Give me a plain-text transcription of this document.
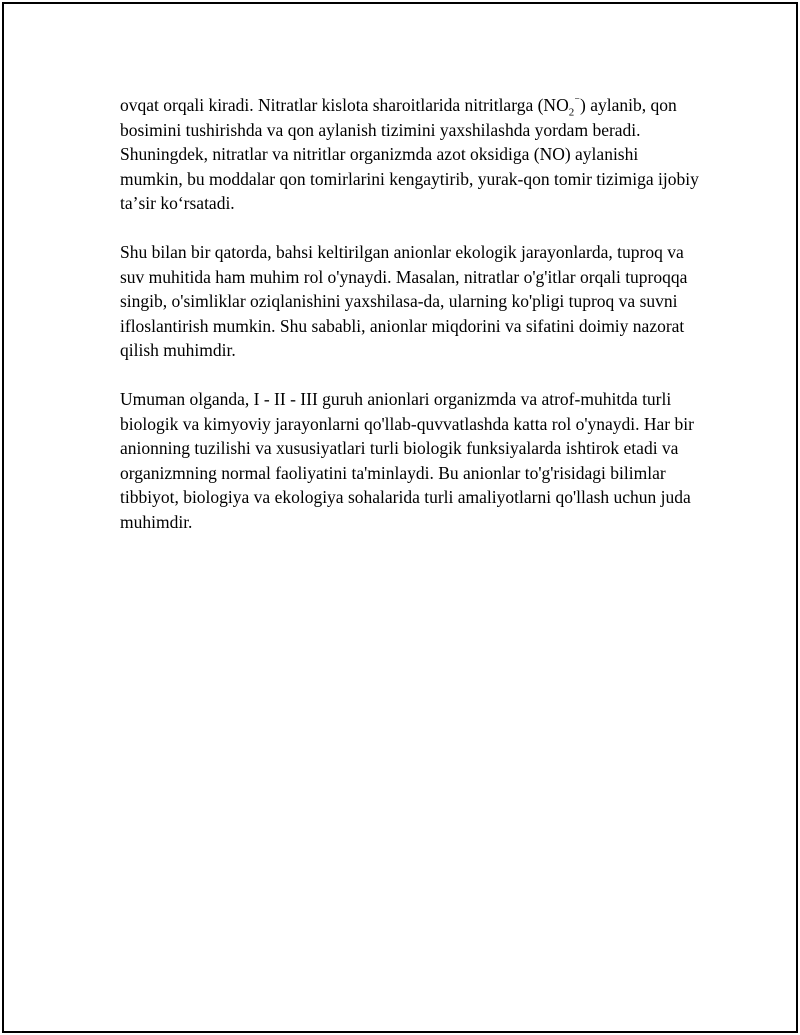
ovqat orqali kiradi. Nitratlar kislota sharoitlarida nitritlarga $(NO_2^{^-})$ aylanib, qon bosimini tushirishda va qon aylanish tizimini yaxshilashda yordam beradi. Shuningdek, nitratlar va nitritlar organizmda azot oksidiga (NO) aylanishi mumkin, bu moddalar qon tomirlarini kengaytirib, yurak-qon tomir tizimiga ijobiy taʼsir koʻrsatadi.

Shu bilan bir qatorda, bahsi keltirilgan anionlar ekologik jarayonlarda, tuproq va suv muhitida ham muhim rol o'ynaydi. Masalan, nitratlar o'g'itlar orqali tuproqqa singib, o'simliklar oziqlanishini yaxshilasa-da, ularning ko'pligi tuproq va suvni ifloslantirish mumkin. Shu sababli, anionlar miqdorini va sifatini doimiy nazorat qilish muhimdir.

Umuman olganda, I - II - III guruh anionlari organizmda va atrof-muhitda turli biologik va kimyoviy jarayonlarni qo'llab-quvvatlashda katta rol o'ynaydi. Har bir anionning tuzilishi va xususiyatlari turli biologik funksiyalarda ishtirok etadi va organizmning normal faoliyatini ta'minlaydi. Bu anionlar to'g'risidagi bilimlar tibbiyot, biologiya va ekologiya sohalarida turli amaliyotlarni qo'llash uchun juda muhimdir.
